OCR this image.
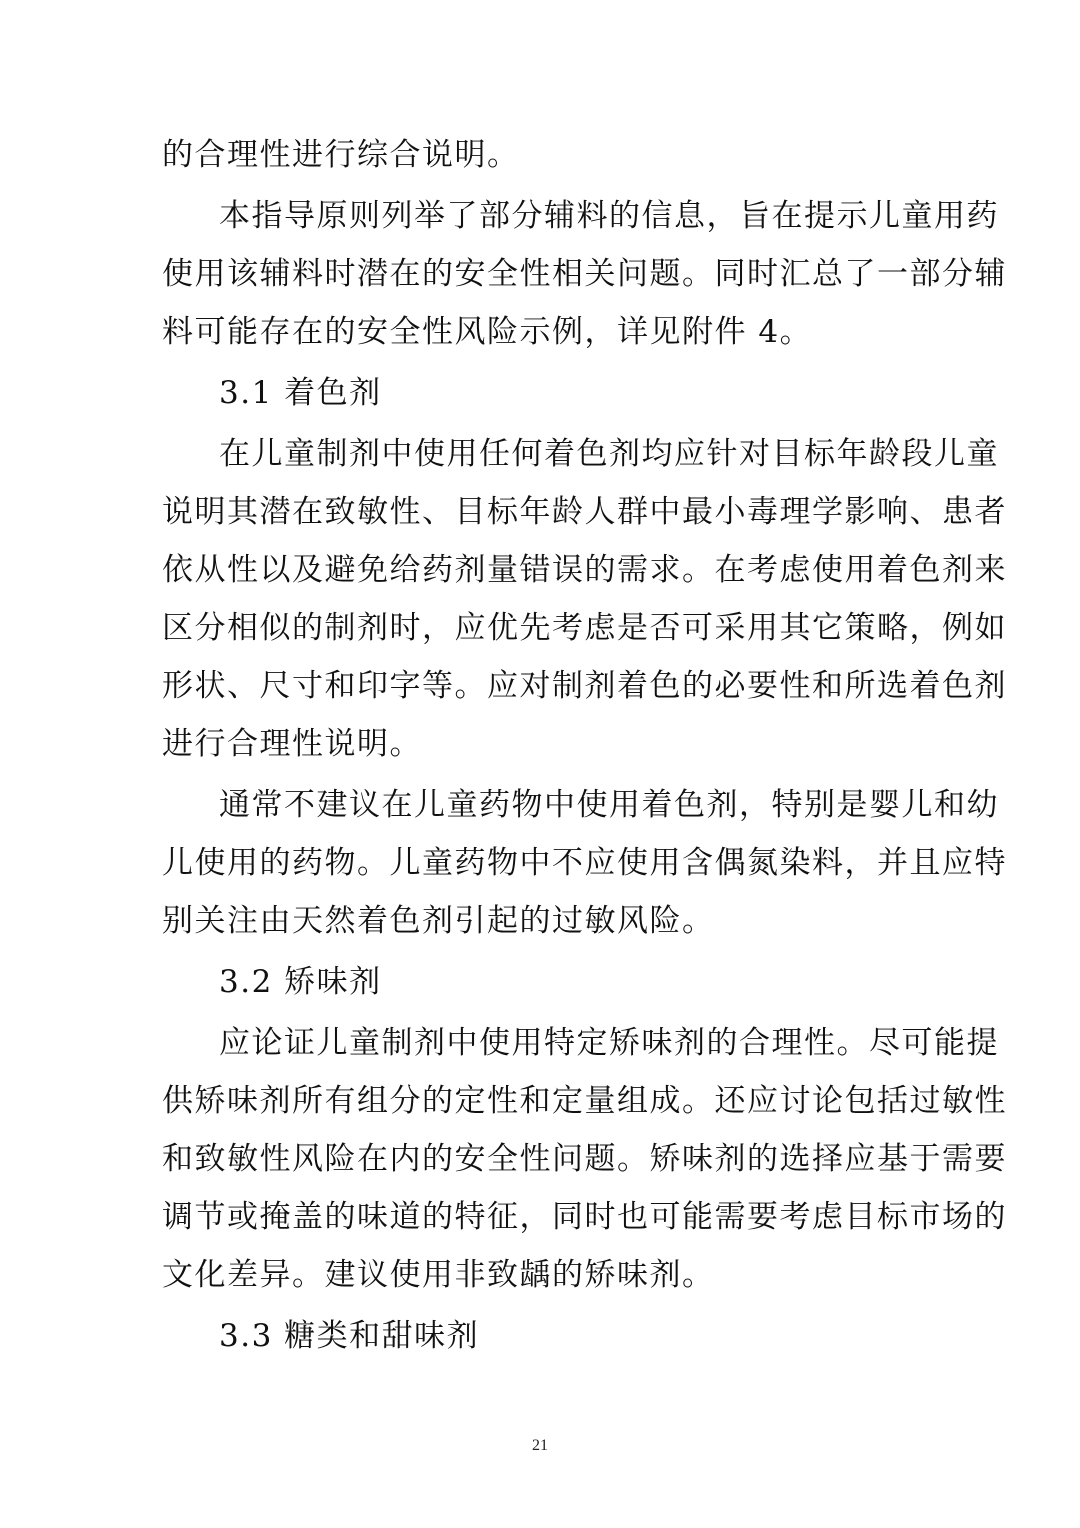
的合理性进行综合说明。
本指导原则列举了部分辅料的信息，旨在提示儿童用药
使用该辅料时潜在的安全性相关问题。同时汇总了一部分辅
料可能存在的安全性风险示例，详见附件 4。
3.1 着色剂
在儿童制剂中使用任何着色剂均应针对目标年龄段儿童
说明其潜在致敏性、目标年龄人群中最小毒理学影响、患者
依从性以及避免给药剂量错误的需求。在考虑使用着色剂来
区分相似的制剂时，应优先考虑是否可采用其它策略，例如
形状、尺寸和印字等。应对制剂着色的必要性和所选着色剂
进行合理性说明。
通常不建议在儿童药物中使用着色剂，特别是婴儿和幼
儿使用的药物。儿童药物中不应使用含偶氮染料，并且应特
别关注由天然着色剂引起的过敏风险。
3.2 矫味剂
应论证儿童制剂中使用特定矫味剂的合理性。尽可能提
供矫味剂所有组分的定性和定量组成。还应讨论包括过敏性
和致敏性风险在内的安全性问题。矫味剂的选择应基于需要
调节或掩盖的味道的特征，同时也可能需要考虑目标市场的
文化差异。建议使用非致龋的矫味剂。
3.3 糖类和甜味剂
21
